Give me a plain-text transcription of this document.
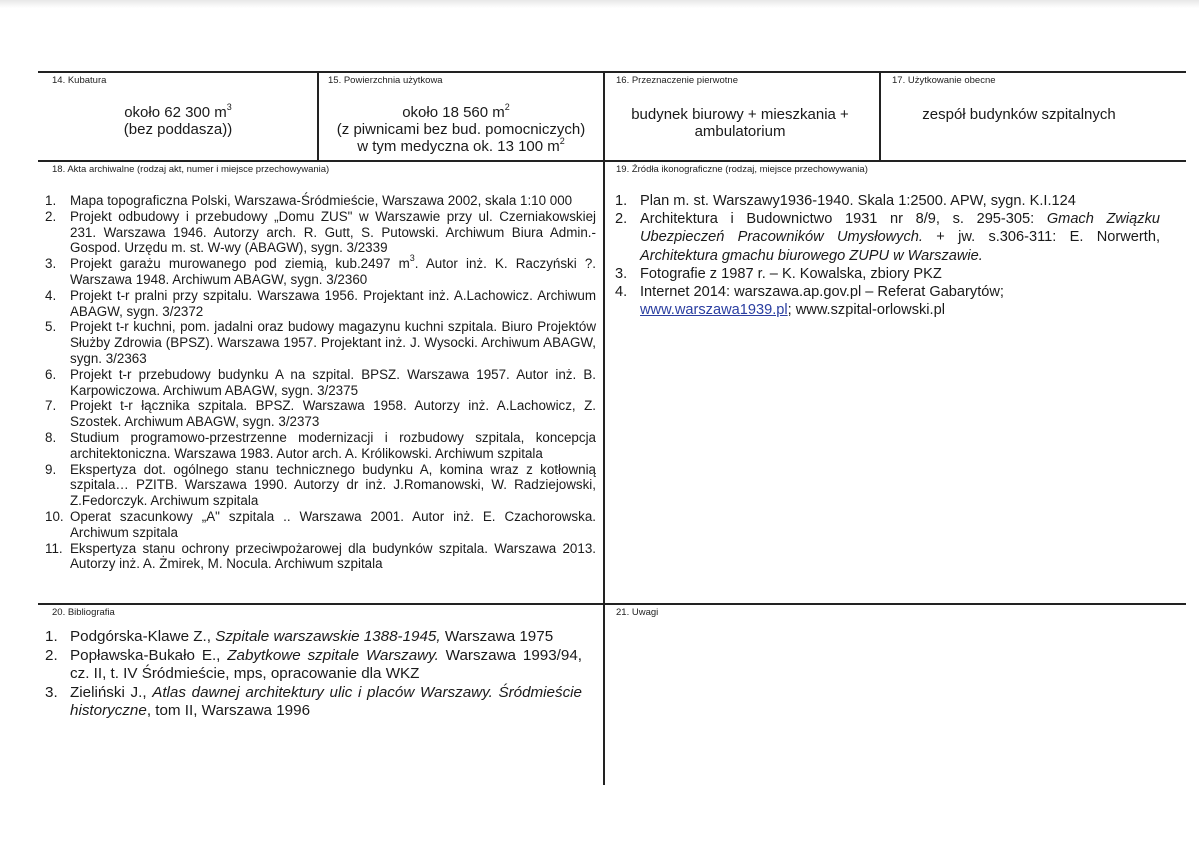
14. Kubatura
około 62 300 $m^3$
(bez poddasza))
15. Powierzchnia użytkowa
około 18 560 $m^2$
(z piwnicami bez bud. pomocniczych)
w tym medyczna ok. 13 100 $m^2$
16. Przeznaczenie pierwotne
budynek biurowy + mieszkania +
ambulatorium
17. Użytkowanie obecne
zespół budynków szpitalnych
18. Akta archiwalne (rodzaj akt, numer i miejsce przechowywania)
1. Mapa topograficzna Polski, Warszawa-Śródmieście, Warszawa 2002, skala 1:10 000
2. Projekt odbudowy i przebudowy „Domu ZUS" w Warszawie przy ul. Czerniakowskiej 231. Warszawa 1946. Autorzy arch. R. Gutt, S. Putowski. Archiwum Biura Admin.- Gospod. Urzędu m. st. W-wy (ABAGW), sygn. 3/2339
3. Projekt garażu murowanego pod ziemią, kub.2497 $m^3$. Autor inż. K. Raczyński ?. Warszawa 1948. Archiwum ABAGW, sygn. 3/2360
4. Projekt t-r pralni przy szpitalu. Warszawa 1956. Projektant inż. A.Lachowicz. Archiwum ABAGW, sygn. 3/2372
5. Projekt t-r kuchni, pom. jadalni oraz budowy magazynu kuchni szpitala. Biuro Projektów Służby Zdrowia (BPSZ). Warszawa 1957. Projektant inż. J. Wysocki. Archiwum ABAGW, sygn. 3/2363
6. Projekt t-r przebudowy budynku A na szpital. BPSZ. Warszawa 1957. Autor inż. B. Karpowiczowa. Archiwum ABAGW, sygn. 3/2375
7. Projekt t-r łącznika szpitala. BPSZ. Warszawa 1958. Autorzy inż. A.Lachowicz, Z. Szostek. Archiwum ABAGW, sygn. 3/2373
8. Studium programowo-przestrzenne modernizacji i rozbudowy szpitala, koncepcja architektoniczna. Warszawa 1983. Autor arch. A. Królikowski. Archiwum szpitala
9. Ekspertyza dot. ogólnego stanu technicznego budynku A, komina wraz z kotłownią szpitala… PZITB. Warszawa 1990. Autorzy dr inż. J.Romanowski, W. Radziejowski, Z.Fedorczyk. Archiwum szpitala
10. Operat szacunkowy „A" szpitala .. Warszawa 2001. Autor inż. E. Czachorowska. Archiwum szpitala
11. Ekspertyza stanu ochrony przeciwpożarowej dla budynków szpitala. Warszawa 2013. Autorzy inż. A. Żmirek, M. Nocula. Archiwum szpitala
19. Źródła ikonograficzne (rodzaj, miejsce przechowywania)
1. Plan m. st. Warszawy1936-1940. Skala 1:2500. APW, sygn. K.I.124
2. Architektura i Budownictwo 1931 nr 8/9, s. 295-305: Gmach Związku Ubezpieczeń Pracowników Umysłowych. + jw. s.306-311: E. Norwerth, Architektura gmachu biurowego ZUPU w Warszawie.
3. Fotografie z 1987 r. – K. Kowalska, zbiory PKZ
4. Internet 2014: warszawa.ap.gov.pl – Referat Gabarytów;
www.warszawa1939.pl; www.szpital-orlowski.pl
20. Bibliografia
1. Podgórska-Klawe Z., Szpitale warszawskie 1388-1945, Warszawa 1975
2. Popławska-Bukało E., Zabytkowe szpitale Warszawy. Warszawa 1993/94, cz. II, t. IV Śródmieście, mps, opracowanie dla WKZ
3. Zieliński J., Atlas dawnej architektury ulic i placów Warszawy. Śródmieście historyczne, tom II, Warszawa 1996
21. Uwagi
